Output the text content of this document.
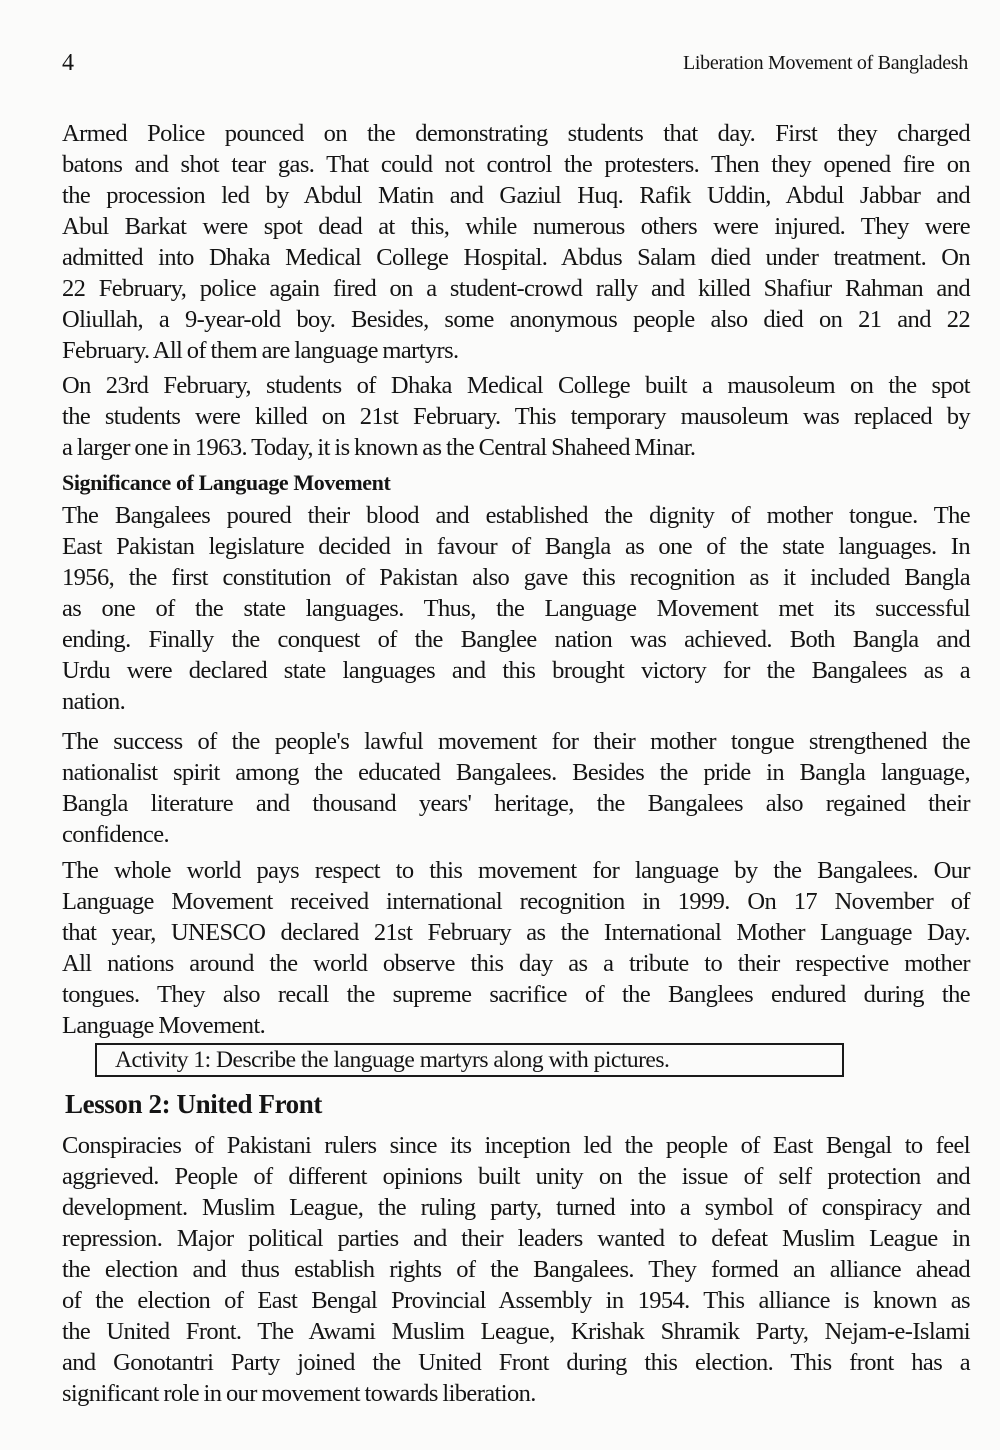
4	Liberation Movement of Bangladesh
Armed Police pounced on the demonstrating students that day. First they charged
batons and shot tear gas. That could not control the protesters. Then they opened fire on
the procession led by Abdul Matin and Gaziul Huq. Rafik Uddin, Abdul Jabbar and
Abul Barkat were spot dead at this, while numerous others were injured. They were
admitted into Dhaka Medical College Hospital. Abdus Salam died under treatment. On
22 February, police again fired on a student-crowd rally and killed Shafiur Rahman and
Oliullah, a 9-year-old boy. Besides, some anonymous people also died on 21 and 22
February. All of them are language martyrs.
On 23rd February, students of Dhaka Medical College built a mausoleum on the spot
the students were killed on 21st February. This temporary mausoleum was replaced by
a larger one in 1963. Today, it is known as the Central Shaheed Minar.
Significance of Language Movement
The Bangalees poured their blood and established the dignity of mother tongue. The
East Pakistan legislature decided in favour of Bangla as one of the state languages. In
1956, the first constitution of Pakistan also gave this recognition as it included Bangla
as one of the state languages. Thus, the Language Movement met its successful
ending. Finally the conquest of the Banglee nation was achieved. Both Bangla and
Urdu were declared state languages and this brought victory for the Bangalees as a
nation.
The success of the people's lawful movement for their mother tongue strengthened the
nationalist spirit among the educated Bangalees. Besides the pride in Bangla language,
Bangla literature and thousand years' heritage, the Bangalees also regained their
confidence.
The whole world pays respect to this movement for language by the Bangalees. Our
Language Movement received international recognition in 1999. On 17 November of
that year, UNESCO declared 21st February as the International Mother Language Day.
All nations around the world observe this day as a tribute to their respective mother
tongues. They also recall the supreme sacrifice of the Banglees endured during the
Language Movement.
Activity 1: Describe the language martyrs along with pictures.
Lesson 2: United Front
Conspiracies of Pakistani rulers since its inception led the people of East Bengal to feel
aggrieved. People of different opinions built unity on the issue of self protection and
development. Muslim League, the ruling party, turned into a symbol of conspiracy and
repression. Major political parties and their leaders wanted to defeat Muslim League in
the election and thus establish rights of the Bangalees. They formed an alliance ahead
of the election of East Bengal Provincial Assembly in 1954. This alliance is known as
the United Front. The Awami Muslim League, Krishak Shramik Party, Nejam-e-Islami
and Gonotantri Party joined the United Front during this election. This front has a
significant role in our movement towards liberation.
